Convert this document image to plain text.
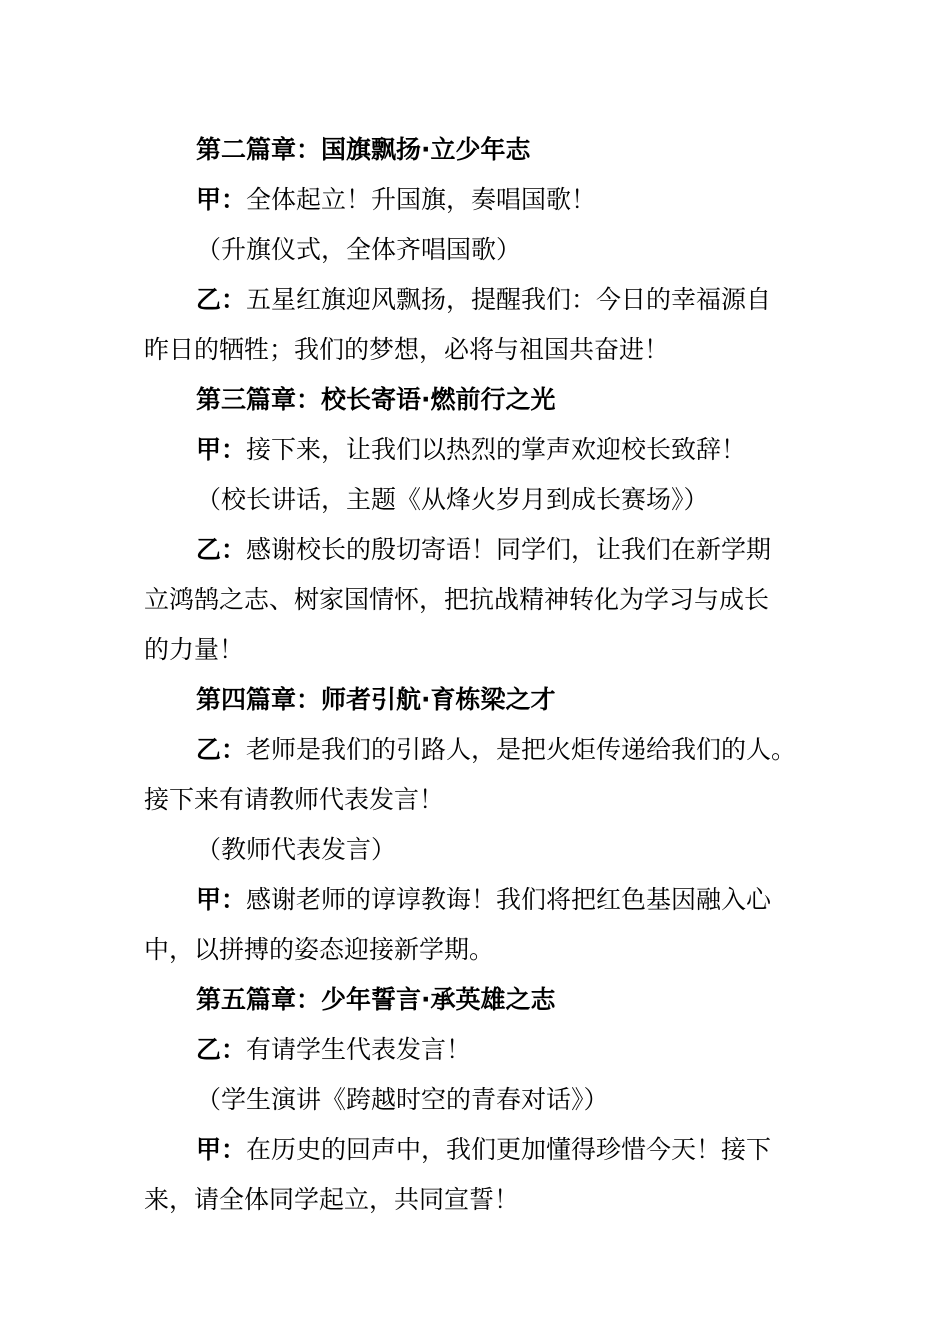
第二篇章：国旗飘扬·立少年志
甲：全体起立！升国旗，奏唱国歌！
（升旗仪式，全体齐唱国歌）
乙：五星红旗迎风飘扬，提醒我们：今日的幸福源自
昨日的牺牲；我们的梦想，必将与祖国共奋进！
第三篇章：校长寄语·燃前行之光
甲：接下来，让我们以热烈的掌声欢迎校长致辞！
（校长讲话，主题《从烽火岁月到成长赛场》）
乙：感谢校长的殷切寄语！同学们，让我们在新学期
立鸿鹄之志、树家国情怀，把抗战精神转化为学习与成长
的力量！
第四篇章：师者引航·育栋梁之才
乙：老师是我们的引路人，是把火炬传递给我们的人。
接下来有请教师代表发言！
（教师代表发言）
甲：感谢老师的谆谆教诲！我们将把红色基因融入心
中，以拼搏的姿态迎接新学期。
第五篇章：少年誓言·承英雄之志
乙：有请学生代表发言！
（学生演讲《跨越时空的青春对话》）
甲：在历史的回声中，我们更加懂得珍惜今天！接下
来，请全体同学起立，共同宣誓！
